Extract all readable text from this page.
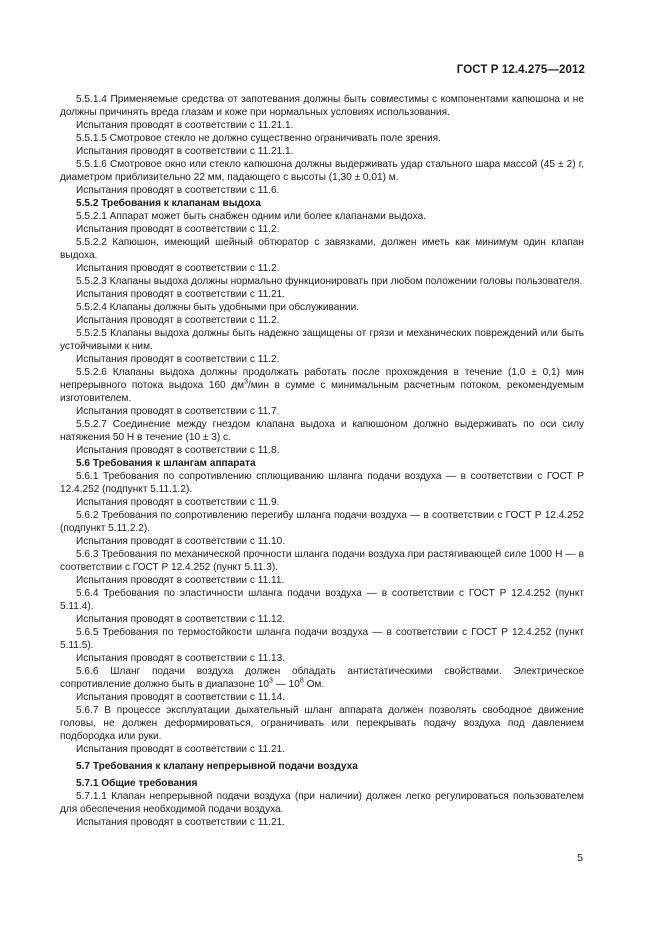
ГОСТ Р 12.4.275—2012

5.5.1.4 Применяемые средства от запотевания должны быть совместимы с компонентами капюшона и не должны причинять вреда глазам и коже при нормальных условиях использования.

Испытания проводят в соответствии с 11.21.1.

5.5.1.5 Смотровое стекло не должно существенно ограничивать поле зрения.

Испытания проводят в соответствии с 11.21.1.

5.5.1.6 Смотровое окно или стекло капюшона должны выдерживать удар стального шара массой (45 ± 2) г, диаметром приблизительно 22 мм, падающего с высоты (1,30 ± 0,01) м.

Испытания проводят в соответствии с 11.6.

5.5.2 Требования к клапанам выдоха

5.5.2.1 Аппарат может быть снабжен одним или более клапанами выдоха.

Испытания проводят в соответствии с 11.2.

5.5.2.2 Капюшон, имеющий шейный обтюратор с завязками, должен иметь как минимум один клапан выдоха.

Испытания проводят в соответствии с 11.2.

5.5.2.3 Клапаны выдоха должны нормально функционировать при любом положении головы пользователя.

Испытания проводят в соответствии с 11.21.

5.5.2.4 Клапаны должны быть удобными при обслуживании.

Испытания проводят в соответствии с 11.2.

5.5.2.5 Клапаны выдоха должны быть надежно защищены от грязи и механических повреждений или быть устойчивыми к ним.

Испытания проводят в соответствии с 11.2.

5.5.2.6 Клапаны выдоха должны продолжать работать после прохождения в течение (1,0 ± 0,1) мин непрерывного потока выдоха 160 $дм^3$/мин в сумме с минимальным расчетным потоком, рекомендуемым изготовителем.

Испытания проводят в соответствии с 11.7.

5.5.2.7 Соединение между гнездом клапана выдоха и капюшоном должно выдерживать по оси силу натяжения 50 Н в течение (10 ± 3) с.

Испытания проводят в соответствии с 11.8.

5.6 Требования к шлангам аппарата

5.6.1 Требования по сопротивлению сплющиванию шланга подачи воздуха — в соответствии с ГОСТ Р 12.4.252 (подпункт 5.11.1.2).

Испытания проводят в соответствии с 11.9.

5.6.2 Требования по сопротивлению перегибу шланга подачи воздуха — в соответствии с ГОСТ Р 12.4.252 (подпункт 5.11.2.2).

Испытания проводят в соответствии с 11.10.

5.6.3 Требования по механической прочности шланга подачи воздуха при растягивающей силе 1000 Н — в соответствии с ГОСТ Р 12.4.252 (пункт 5.11.3).

Испытания проводят в соответствии с 11.11.

5.6.4 Требования по эластичности шланга подачи воздуха — в соответствии с ГОСТ Р 12.4.252 (пункт 5.11.4).

Испытания проводят в соответствии с 11.12.

5.6.5 Требования по термостойкости шланга подачи воздуха — в соответствии с ГОСТ Р 12.4.252 (пункт 5.11.5).

Испытания проводят в соответствии с 11.13.

5.6.6 Шланг подачи воздуха должен обладать антистатическими свойствами. Электрическое сопротивление должно быть в диапазоне $10^3$ — $10^8$ Ом.

Испытания проводят в соответствии с 11.14.

5.6.7 В процессе эксплуатации дыхательный шланг аппарата должен позволять свободное движение головы, не должен деформироваться, ограничивать или перекрывать подачу воздуха под давлением подбородка или руки.

Испытания проводят в соответствии с 11.21.

5.7 Требования к клапану непрерывной подачи воздуха

5.7.1 Общие требования

5.7.1.1 Клапан непрерывной подачи воздуха (при наличии) должен легко регулироваться пользователем для обеспечения необходимой подачи воздуха.

Испытания проводят в соответствии с 11.21.

5
